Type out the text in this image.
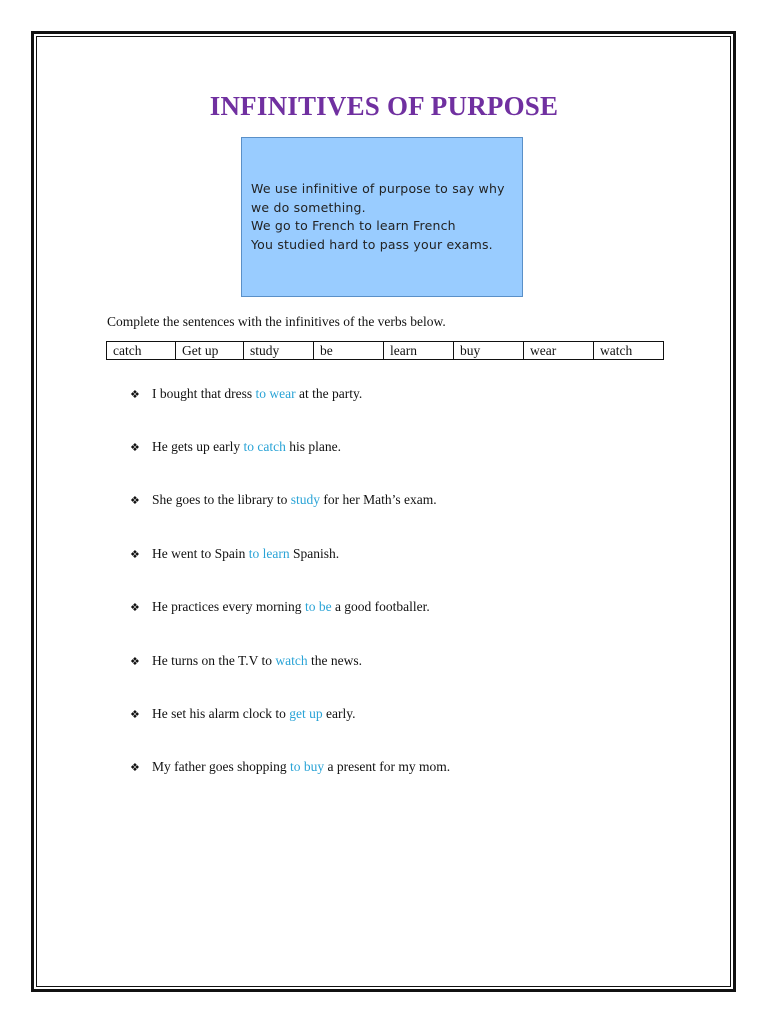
INFINITIVES OF PURPOSE
We use infinitive of purpose to say why
we do something.
We go to French to learn French
You studied hard to pass your exams.
Complete the sentences with the infinitives of the verbs below.
catch	Get up	study	be	learn	buy	wear	watch
❖ I bought that dress to wear at the party.
❖ He gets up early to catch his plane.
❖ She goes to the library to study for her Math’s exam.
❖ He went to Spain to learn Spanish.
❖ He practices every morning to be a good footballer.
❖ He turns on the T.V to watch the news.
❖ He set his alarm clock to get up early.
❖ My father goes shopping to buy a present for my mom.
